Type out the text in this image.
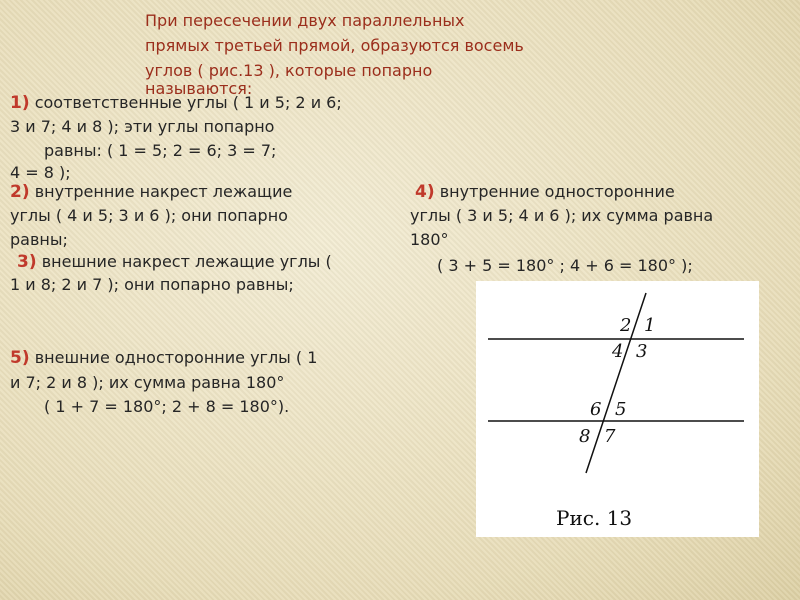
При пересечении двух параллельных
прямых третьей прямой, образуются восемь
углов ( рис.13 ), которые попарно
называются:
1) соответственные углы ( 1 и 5; 2 и 6;
3 и 7; 4 и 8 ); эти углы попарно
равны: ( 1 = 5; 2 = 6; 3 = 7;
4 = 8 );
2) внутренние накрест лежащие
углы ( 4 и 5; 3 и 6 ); они попарно
равны;
3) внешние накрест лежащие углы (
1 и 8; 2 и 7 ); они попарно равны;
4) внутренние односторонние
углы ( 3 и 5; 4 и 6 ); их сумма равна
180°
( 3 + 5 = 180° ; 4 + 6 = 180° );
5) внешние односторонние углы ( 1
и 7; 2 и 8 ); их сумма равна 180°
( 1 + 7 = 180°; 2 + 8 = 180°).
2 1
4 3
6 5
8 7
Рис. 13
